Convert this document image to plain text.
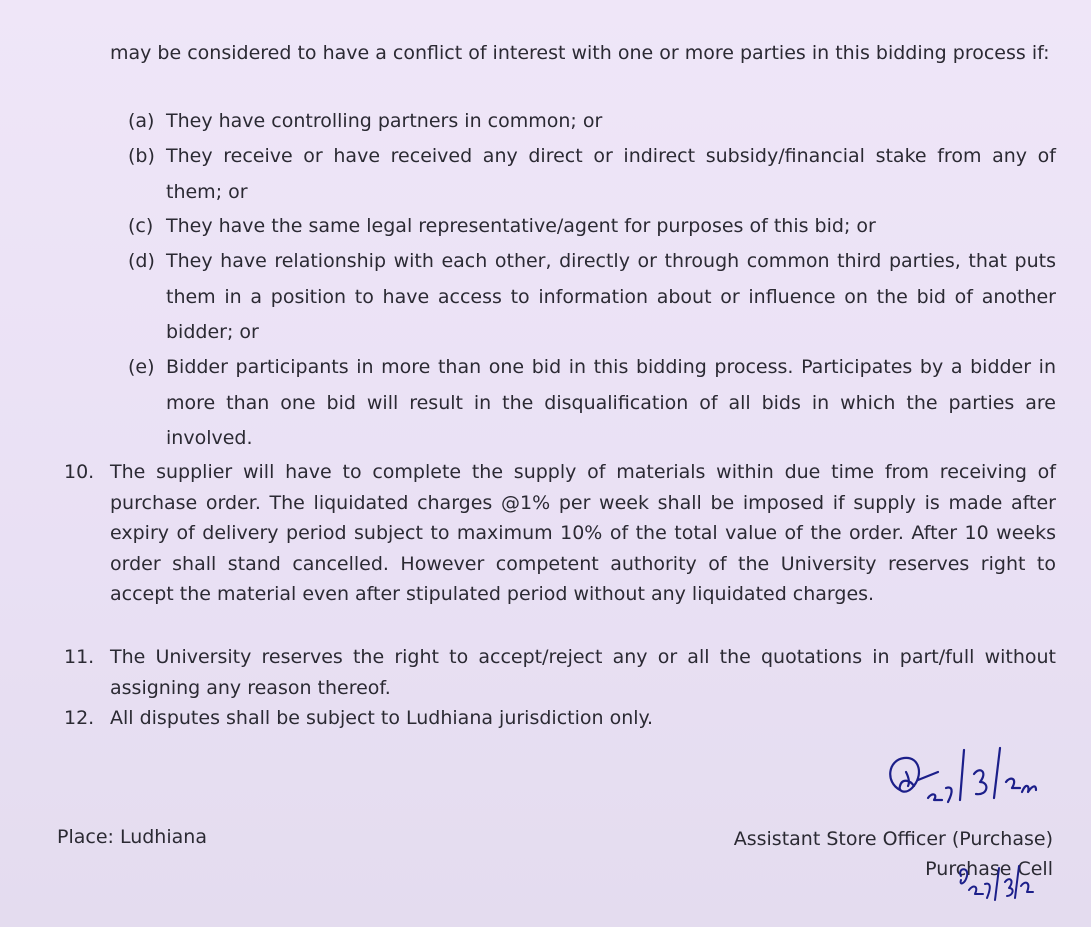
may be considered to have a conflict of interest with one or more parties in this bidding process if:
(a) They have controlling partners in common; or
(b) They receive or have received any direct or indirect subsidy/financial stake from any of them; or
(c) They have the same legal representative/agent for purposes of this bid; or
(d) They have relationship with each other, directly or through common third parties, that puts them in a position to have access to information about or influence on the bid of another bidder; or
(e) Bidder participants in more than one bid in this bidding process. Participates by a bidder in more than one bid will result in the disqualification of all bids in which the parties are involved.
10. The supplier will have to complete the supply of materials within due time from receiving of purchase order. The liquidated charges @1% per week shall be imposed if supply is made after expiry of delivery period subject to maximum 10% of the total value of the order. After 10 weeks order shall stand cancelled. However competent authority of the University reserves right to accept the material even after stipulated period without any liquidated charges.
11. The University reserves the right to accept/reject any or all the quotations in part/full without assigning any reason thereof.
12. All disputes shall be subject to Ludhiana jurisdiction only.
Place: Ludhiana	Assistant Store Officer (Purchase)
Purchase Cell
